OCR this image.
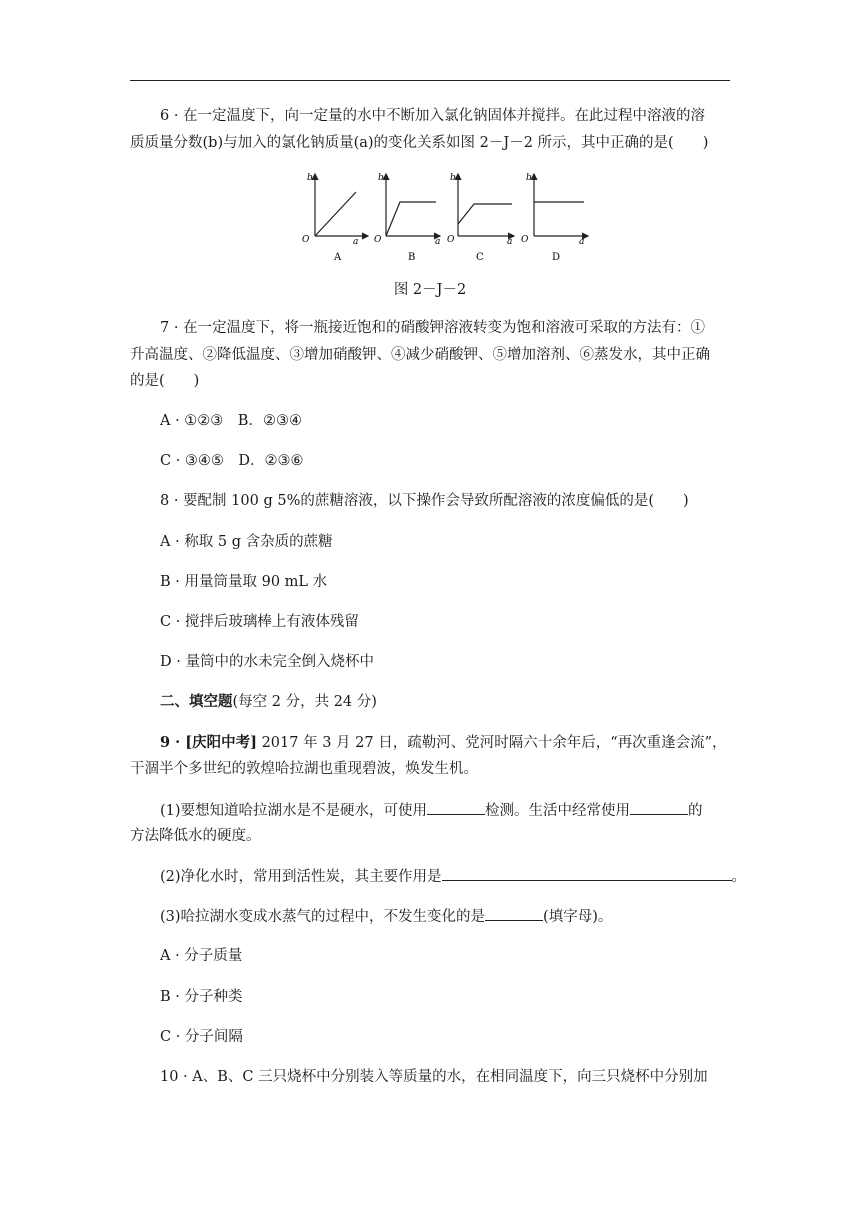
6 · 在一定温度下，向一定量的水中不断加入氯化钠固体并搅拌。在此过程中溶液的溶
质质量分数(b)与加入的氯化钠质量(a)的变化关系如图 2－J－2 所示，其中正确的是(　　)
b
O	a
A
b
O	a
B
b
O	a
C
b
O	a
D
图 2－J－2
7 · 在一定温度下，将一瓶接近饱和的硝酸钾溶液转变为饱和溶液可采取的方法有：①
升高温度、②降低温度、③增加硝酸钾、④减少硝酸钾、⑤增加溶剂、⑥蒸发水，其中正确
的是(　　)
A · ①②③　B．②③④
C · ③④⑤　D．②③⑥
8 · 要配制 100 g 5%的蔗糖溶液，以下操作会导致所配溶液的浓度偏低的是(　　)
A · 称取 5 g 含杂质的蔗糖
B · 用量筒量取 90 mL 水
C · 搅拌后玻璃棒上有液体残留
D · 量筒中的水未完全倒入烧杯中
二、填空题(每空 2 分，共 24 分)
9 · [庆阳中考] 2017 年 3 月 27 日，疏勒河、党河时隔六十余年后，“再次重逢会流”，
干涸半个多世纪的敦煌哈拉湖也重现碧波，焕发生机。
(1)要想知道哈拉湖水是不是硬水，可使用	检测。生活中经常使用	的
方法降低水的硬度。
(2)净化水时，常用到活性炭，其主要作用是	。
(3)哈拉湖水变成水蒸气的过程中，不发生变化的是	(填字母)。
A · 分子质量
B · 分子种类
C · 分子间隔
10 · A、B、C 三只烧杯中分别装入等质量的水，在相同温度下，向三只烧杯中分别加
